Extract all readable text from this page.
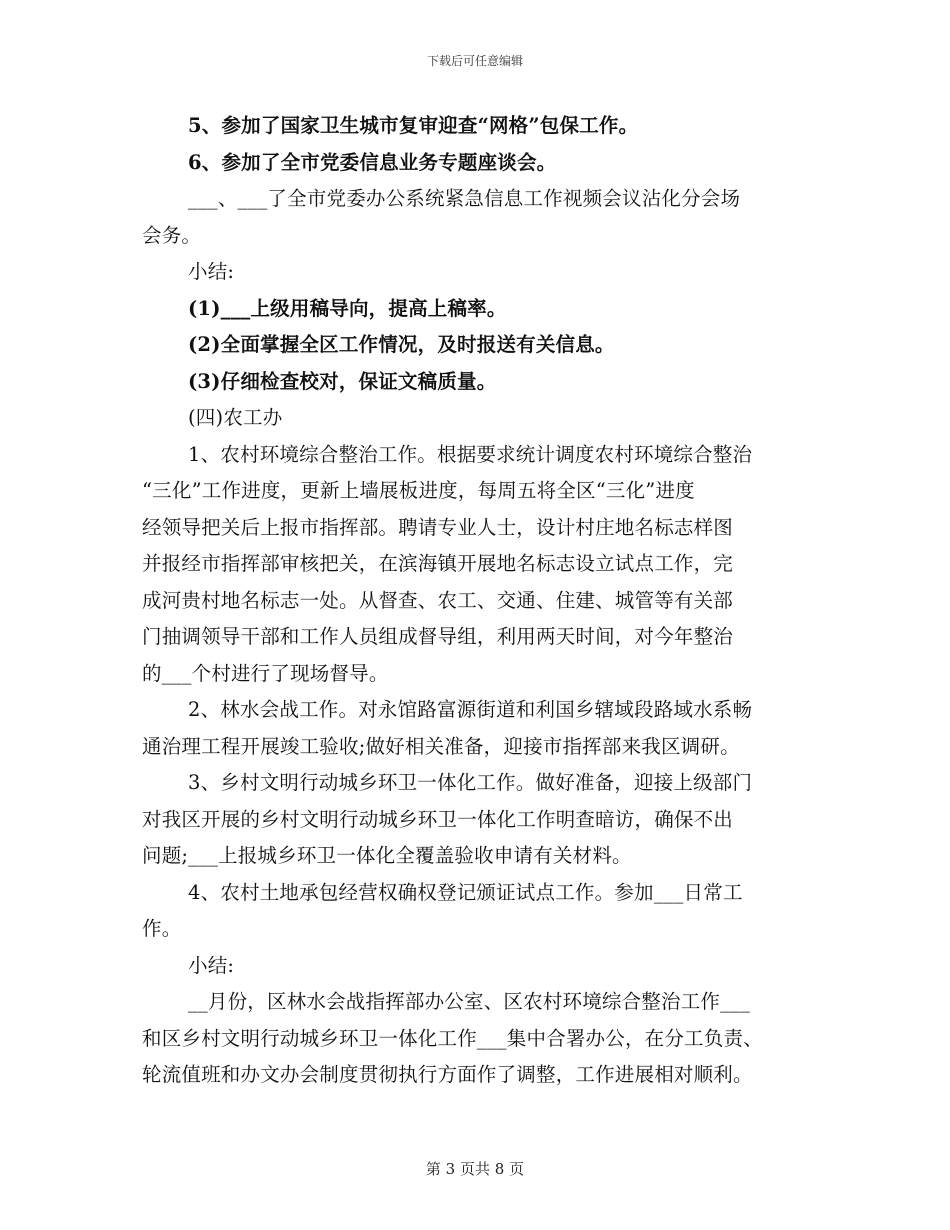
下载后可任意编辑
5、参加了国家卫生城市复审迎查“网格”包保工作。
6、参加了全市党委信息业务专题座谈会。
___、___了全市党委办公系统紧急信息工作视频会议沾化分会场
会务。
小结:
(1)___上级用稿导向，提高上稿率。
(2)全面掌握全区工作情况，及时报送有关信息。
(3)仔细检查校对，保证文稿质量。
(四)农工办
1、农村环境综合整治工作。根据要求统计调度农村环境综合整治
“三化”工作进度，更新上墙展板进度，每周五将全区“三化”进度
经领导把关后上报市指挥部。聘请专业人士，设计村庄地名标志样图
并报经市指挥部审核把关，在滨海镇开展地名标志设立试点工作，完
成河贵村地名标志一处。从督查、农工、交通、住建、城管等有关部
门抽调领导干部和工作人员组成督导组，利用两天时间，对今年整治
的___个村进行了现场督导。
2、林水会战工作。对永馆路富源街道和利国乡辖域段路域水系畅
通治理工程开展竣工验收;做好相关准备，迎接市指挥部来我区调研。
3、乡村文明行动城乡环卫一体化工作。做好准备，迎接上级部门
对我区开展的乡村文明行动城乡环卫一体化工作明查暗访，确保不出
问题;___上报城乡环卫一体化全覆盖验收申请有关材料。
4、农村土地承包经营权确权登记颁证试点工作。参加___日常工
作。
小结:
__月份，区林水会战指挥部办公室、区农村环境综合整治工作___
和区乡村文明行动城乡环卫一体化工作___集中合署办公，在分工负责、
轮流值班和办文办会制度贯彻执行方面作了调整，工作进展相对顺利。
第 3 页共 8 页
